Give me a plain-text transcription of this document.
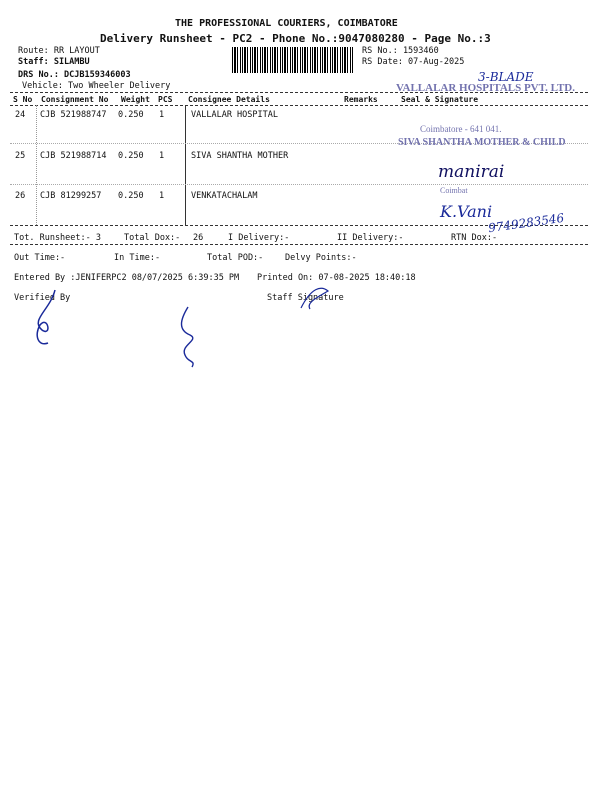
THE PROFESSIONAL COURIERS, COIMBATORE
Delivery Runsheet - PC2 - Phone No.:9047080280 - Page No.:3
Route: RR LAYOUT
Staff: SILAMBU
DRS No.: DCJB159346003
Vehicle: Two Wheeler Delivery
RS No.: 1593460
RS Date: 07-Aug-2025
S No Consignment No Weight PCS Consignee Details	Remarks	Seal & Signature
24 CJB 521988747 0.250 1	VALLALAR HOSPITAL
25 CJB 521988714 0.250 1	SIVA SHANTHA MOTHER
26 CJB 81299257 0.250 1	VENKATACHALAM
Tot. Runsheet:- 3	Total Dox:- 26	I Delivery:-	II Delivery:-	RTN Dox:-
Out Time:-	In Time:-	Total POD:-	Delvy Points:-
Entered By :JENIFERPC2 08/07/2025 6:39:35 PM Printed On: 07-08-2025 18:40:18
Verified By	Staff Signature
VALLALAR HOSPITALS PVT. LTD.
Coimbatore - 641 041.
SIVA SHANTHA MOTHER & CHILD
Coimbat
3-BLADE
manirai
K.Vani
9749283546
